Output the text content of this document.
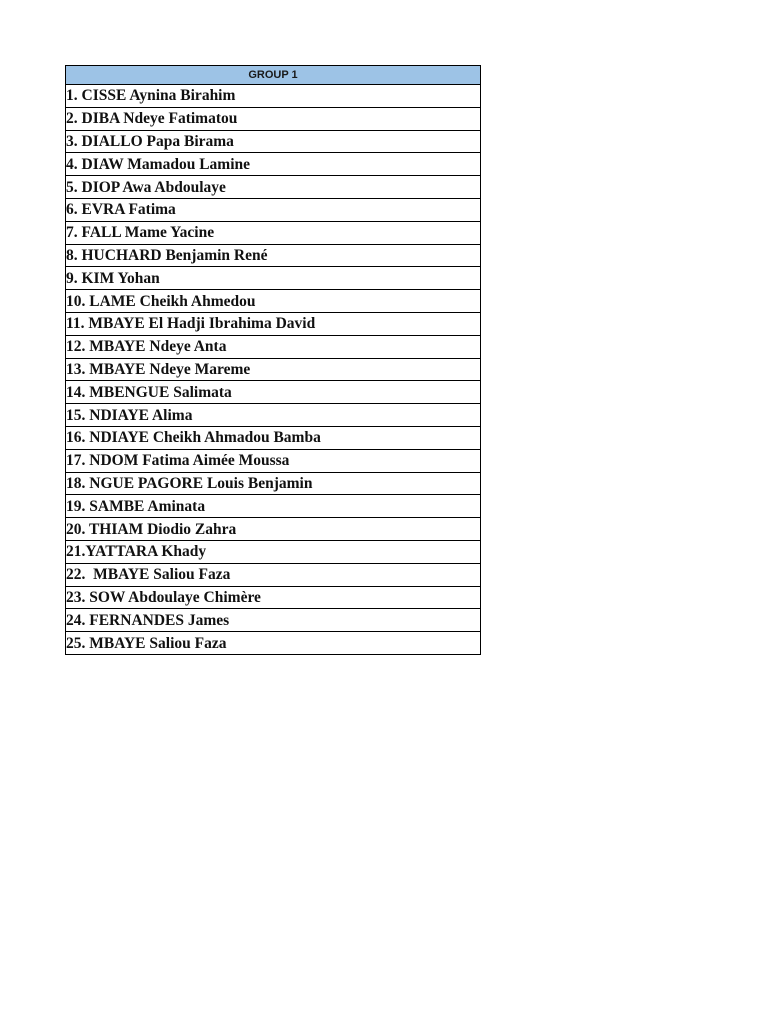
GROUP 1
1. CISSE Aynina Birahim
2. DIBA Ndeye Fatimatou
3. DIALLO Papa Birama
4. DIAW Mamadou Lamine
5. DIOP Awa Abdoulaye
6. EVRA Fatima
7. FALL Mame Yacine
8. HUCHARD Benjamin René
9. KIM Yohan
10. LAME Cheikh Ahmedou
11. MBAYE El Hadji Ibrahima David
12. MBAYE Ndeye Anta
13. MBAYE Ndeye Mareme
14. MBENGUE Salimata
15. NDIAYE Alima
16. NDIAYE Cheikh Ahmadou Bamba
17. NDOM Fatima Aimée Moussa
18. NGUE PAGORE Louis Benjamin
19. SAMBE Aminata
20. THIAM Diodio Zahra
21.YATTARA Khady
22.  MBAYE Saliou Faza
23. SOW Abdoulaye Chimère
24. FERNANDES James
25. MBAYE Saliou Faza
